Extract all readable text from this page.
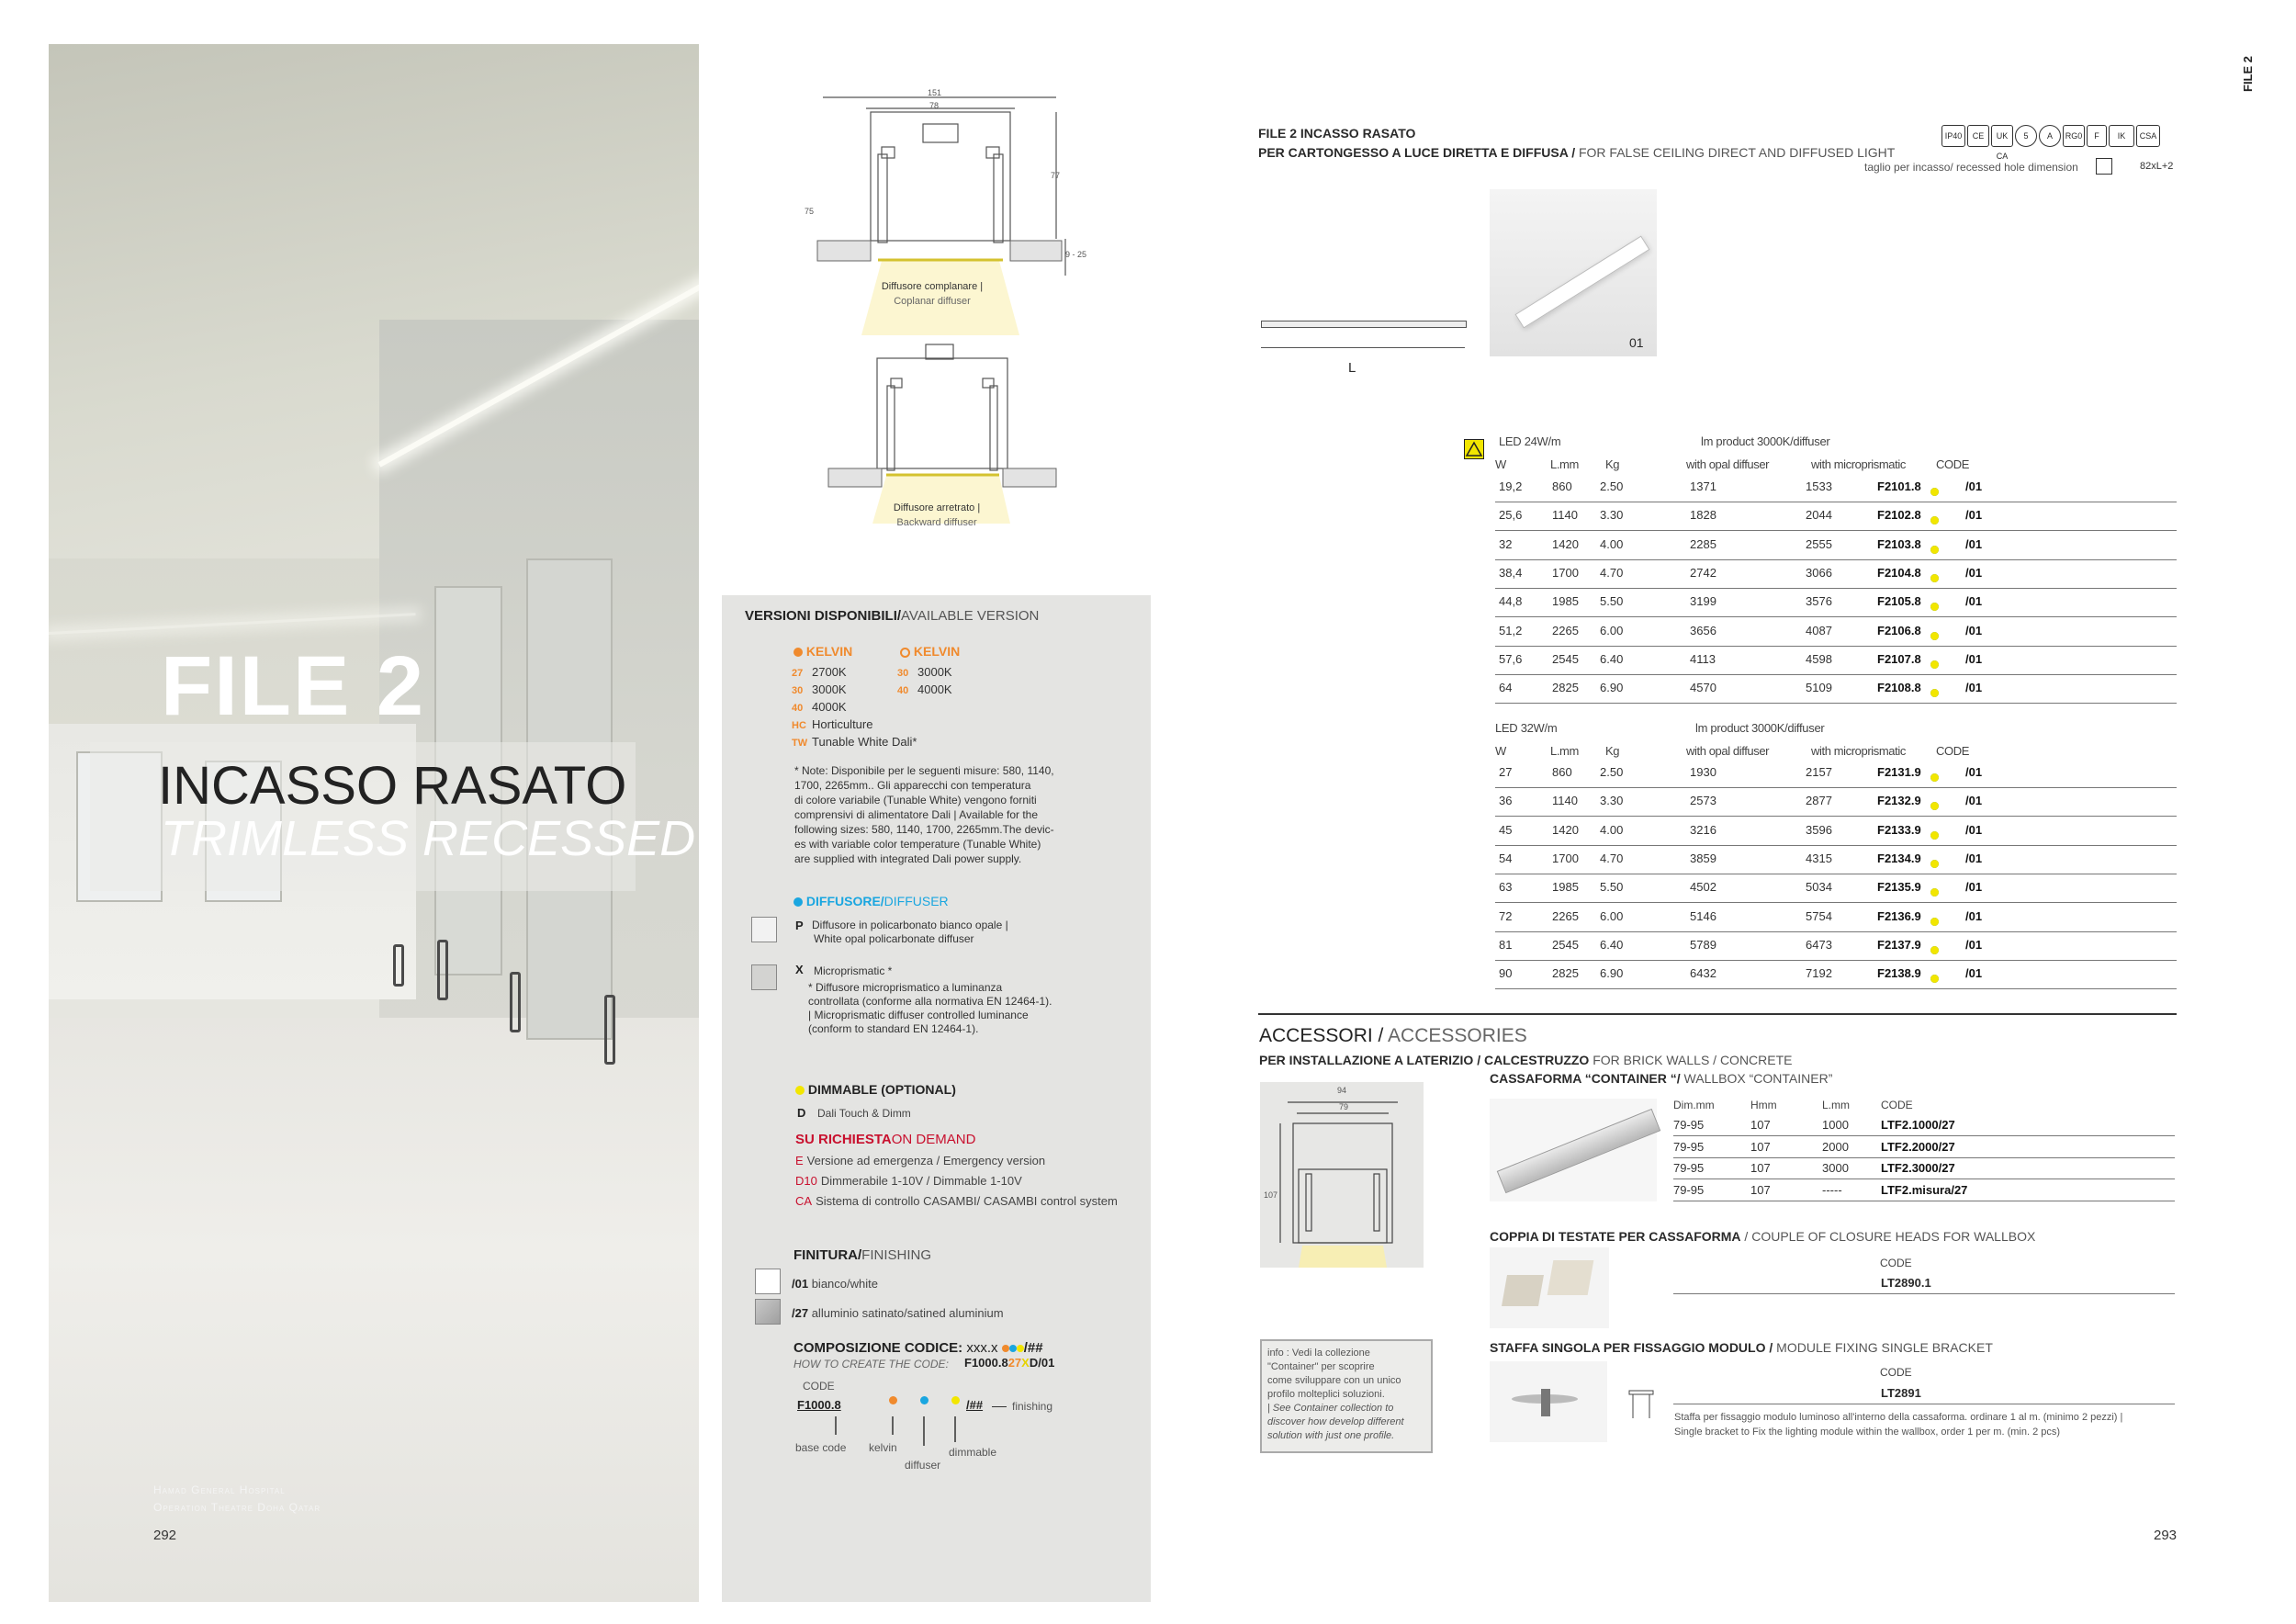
FILE 2
INCASSO RASATO
TRIMLESS RECESSED
Hamad General Hospital
Operation Theatre Doha Qatar
292
151
78
77
75
9 - 25
Diffusore complanare |
Coplanar diffuser
Diffusore arretrato |
Backward diffuser
VERSIONI DISPONIBILI/AVAILABLE VERSION
KELVIN	KELVIN
27 2700K
30 3000K
40 4000K
HC Horticulture
TW Tunable White Dali*
30 3000K
40 4000K
* Note: Disponibile per le seguenti misure: 580, 1140,
1700, 2265mm.. Gli apparecchi con temperatura
di colore variabile (Tunable White) vengono forniti
comprensivi di alimentatore Dali | Available for the
following sizes: 580, 1140, 1700, 2265mm.The devic-
es with variable color temperature (Tunable White)
are supplied with integrated Dali power supply.
DIFFUSORE/DIFFUSER
P Diffusore in policarbonato bianco opale |
White opal policarbonate diffuser
X Microprismatic *
* Diffusore microprismatico a luminanza
controllata (conforme alla normativa EN 12464-1).
| Microprismatic diffuser controlled luminance
(conform to standard EN 12464-1).
DIMMABLE (OPTIONAL)
D Dali Touch & Dimm
SU RICHIESTAON DEMAND
E Versione ad emergenza / Emergency version
D10 Dimmerabile 1-10V / Dimmable 1-10V
CA Sistema di controllo CASAMBI/ CASAMBI control system
FINITURA/FINISHING
/01 bianco/white
/27 alluminio satinato/satined aluminium
COMPOSIZIONE CODICE: xxx.x /##
HOW TO CREATE THE CODE: F1000.827XD/01
CODE
F1000.8	/##	finishing
base code kelvin
diffuser
dimmable
FILE 2
FILE 2 INCASSO RASATO
PER CARTONGESSO A LUCE DIRETTA E DIFFUSA / FOR FALSE CEILING DIRECT AND DIFFUSED LIGHT
IP40	CE	UK CA
5	A	RG0	F	IK	CSA
taglio per incasso/ recessed hole dimension	82xL+2
L
01
LED 24W/m	lm product 3000K/diffuser
W	L.mm Kg	with opal diffuser	with microprismatic	CODE
19,2	860 2.50	1371	1533	F2101.8	/01
25,6	1140 3.30	1828	2044	F2102.8	/01
32	1420 4.00	2285	2555	F2103.8	/01
38,4	1700 4.70	2742	3066	F2104.8	/01
44,8	1985 5.50	3199	3576	F2105.8	/01
51,2	2265 6.00	3656	4087	F2106.8	/01
57,6	2545 6.40	4113	4598	F2107.8	/01
64	2825 6.90	4570	5109	F2108.8	/01
LED 32W/m	lm product 3000K/diffuser
W	L.mm Kg	with opal diffuser	with microprismatic	CODE
27	860 2.50	1930	2157	F2131.9	/01
36	1140 3.30	2573	2877	F2132.9	/01
45	1420 4.00	3216	3596	F2133.9	/01
54	1700 4.70	3859	4315	F2134.9	/01
63	1985 5.50	4502	5034	F2135.9	/01
72	2265 6.00	5146	5754	F2136.9	/01
81	2545 6.40	5789	6473	F2137.9	/01
90	2825 6.90	6432	7192	F2138.9	/01
ACCESSORI / ACCESSORIES
PER INSTALLAZIONE A LATERIZIO / CALCESTRUZZO FOR BRICK WALLS / CONCRETE
CASSAFORMA “CONTAINER “/ WALLBOX “CONTAINER”
94
79
107
Dim.mm	Hmm	L.mm	CODE
79-95	107	1000	LTF2.1000/27
79-95	107	2000	LTF2.2000/27
79-95	107	3000	LTF2.3000/27
79-95	107	-----	LTF2.misura/27
COPPIA DI TESTATE PER CASSAFORMA / COUPLE OF CLOSURE HEADS FOR WALLBOX
CODE
LT2890.1
STAFFA SINGOLA PER FISSAGGIO MODULO / MODULE FIXING SINGLE BRACKET
CODE
LT2891
Staffa per fissaggio modulo luminoso all'interno della cassaforma. ordinare 1 al m. (minimo 2 pezzi) |
Single bracket to Fix the lighting module within the wallbox, order 1 per m. (min. 2 pcs)
info : Vedi la collezione
"Container" per scoprire
come sviluppare con un unico
profilo molteplici soluzioni.
| See Container collection to
discover how develop different
solution with just one profile.
293
